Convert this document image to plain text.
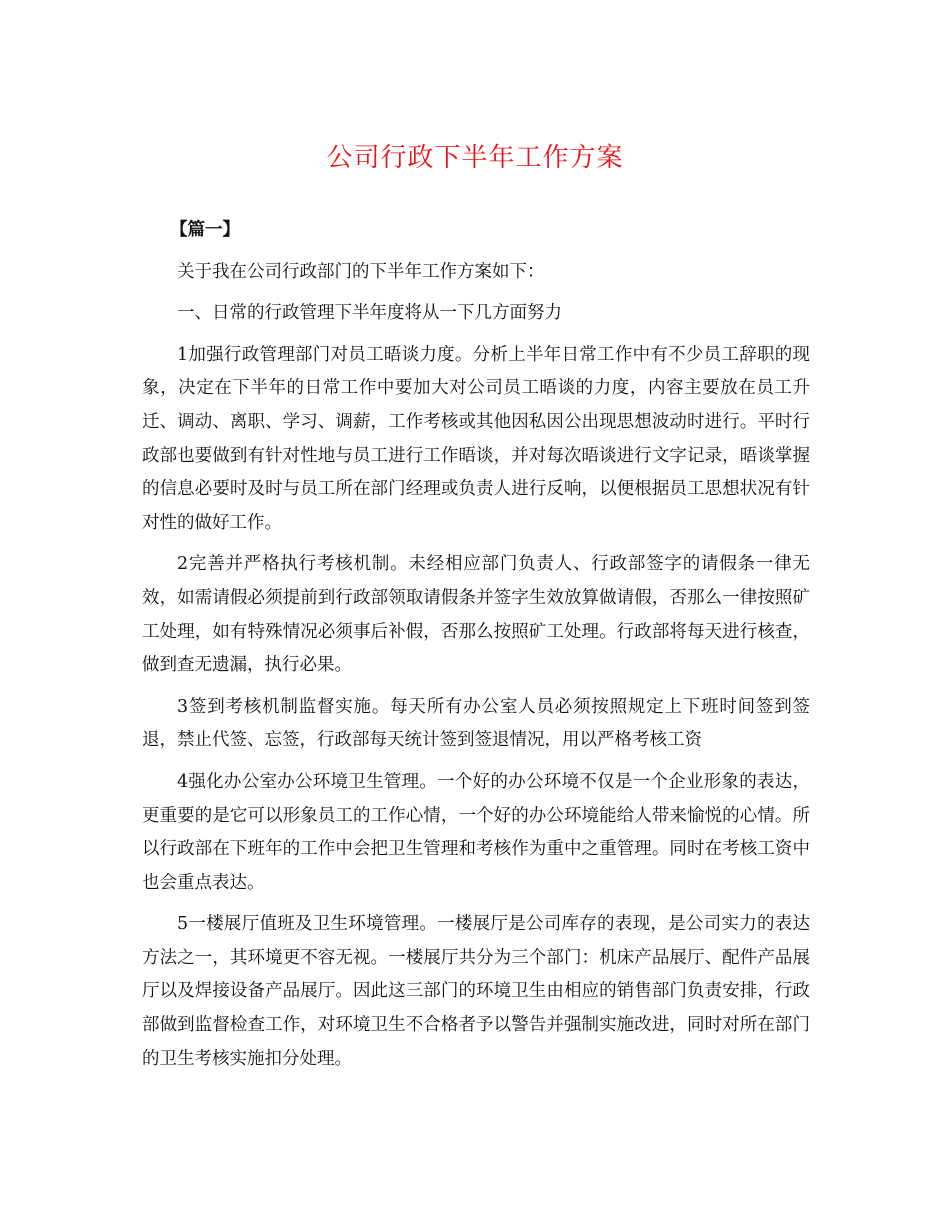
公司行政下半年工作方案

【篇一】

关于我在公司行政部门的下半年工作方案如下：

一、日常的行政管理下半年度将从一下几方面努力

1加强行政管理部门对员工晤谈力度。分析上半年日常工作中有不少员工辞职的现象，决定在下半年的日常工作中要加大对公司员工晤谈的力度，内容主要放在员工升迁、调动、离职、学习、调薪，工作考核或其他因私因公出现思想波动时进行。平时行政部也要做到有针对性地与员工进行工作晤谈，并对每次晤谈进行文字记录，晤谈掌握的信息必要时及时与员工所在部门经理或负责人进行反响，以便根据员工思想状况有针对性的做好工作。

2完善并严格执行考核机制。未经相应部门负责人、行政部签字的请假条一律无效，如需请假必须提前到行政部领取请假条并签字生效放算做请假，否那么一律按照矿工处理，如有特殊情况必须事后补假，否那么按照矿工处理。行政部将每天进行核查，做到查无遗漏，执行必果。

3签到考核机制监督实施。每天所有办公室人员必须按照规定上下班时间签到签退，禁止代签、忘签，行政部每天统计签到签退情况，用以严格考核工资

4强化办公室办公环境卫生管理。一个好的办公环境不仅是一个企业形象的表达，更重要的是它可以形象员工的工作心情，一个好的办公环境能给人带来愉悦的心情。所以行政部在下班年的工作中会把卫生管理和考核作为重中之重管理。同时在考核工资中也会重点表达。

5一楼展厅值班及卫生环境管理。一楼展厅是公司库存的表现，是公司实力的表达方法之一，其环境更不容无视。一楼展厅共分为三个部门：机床产品展厅、配件产品展厅以及焊接设备产品展厅。因此这三部门的环境卫生由相应的销售部门负责安排，行政部做到监督检查工作，对环境卫生不合格者予以警告并强制实施改进，同时对所在部门的卫生考核实施扣分处理。
